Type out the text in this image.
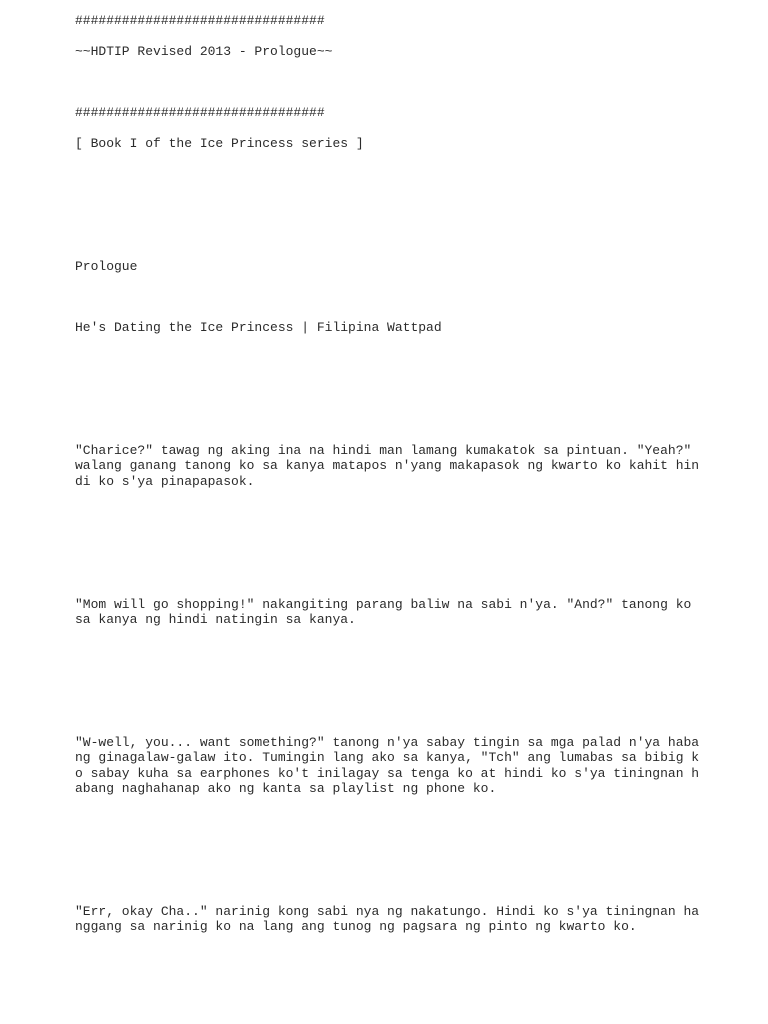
################################

~~HDTIP Revised 2013 - Prologue~~

################################

[ Book I of the Ice Princess series ]

Prologue

He's Dating the Ice Princess | Filipina Wattpad

"Charice?" tawag ng aking ina na hindi man lamang kumakatok sa pintuan. "Yeah?"

walang ganang tanong ko sa kanya matapos n'yang makapasok ng kwarto ko kahit hin

di ko s'ya pinapapasok.

"Mom will go shopping!" nakangiting parang baliw na sabi n'ya. "And?" tanong ko

sa kanya ng hindi natingin sa kanya.

"W-well, you... want something?" tanong n'ya sabay tingin sa mga palad n'ya haba

ng ginagalaw-galaw ito. Tumingin lang ako sa kanya, "Tch" ang lumabas sa bibig k

o sabay kuha sa earphones ko't inilagay sa tenga ko at hindi ko s'ya tiningnan h

abang naghahanap ako ng kanta sa playlist ng phone ko.

"Err, okay Cha.." narinig kong sabi nya ng nakatungo. Hindi ko s'ya tiningnan ha

nggang sa narinig ko na lang ang tunog ng pagsara ng pinto ng kwarto ko.
